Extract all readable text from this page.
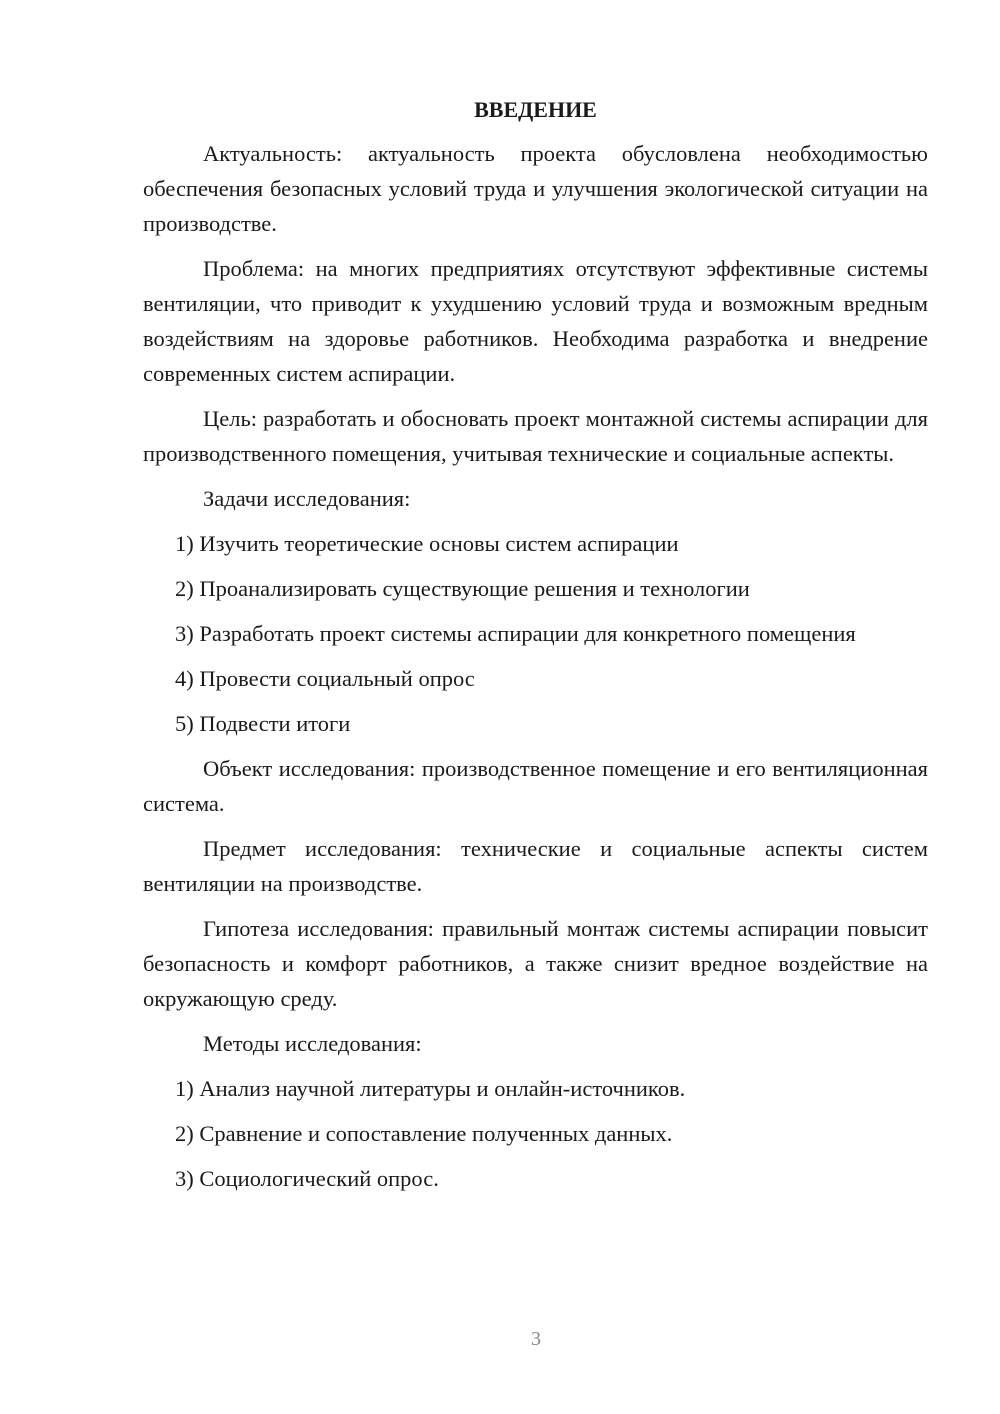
ВВЕДЕНИЕ

Актуальность: актуальность проекта обусловлена необходимостью обеспечения безопасных условий труда и улучшения экологической ситуации на производстве.

Проблема: на многих предприятиях отсутствуют эффективные системы вентиляции, что приводит к ухудшению условий труда и возможным вредным воздействиям на здоровье работников. Необходима разработка и внедрение современных систем аспирации.

Цель: разработать и обосновать проект монтажной системы аспирации для производственного помещения, учитывая технические и социальные аспекты.

Задачи исследования:

1) Изучить теоретические основы систем аспирации

2) Проанализировать существующие решения и технологии

3) Разработать проект системы аспирации для конкретного помещения

4) Провести социальный опрос

5) Подвести итоги

Объект исследования: производственное помещение и его вентиляционная система.

Предмет исследования: технические и социальные аспекты систем вентиляции на производстве.

Гипотеза исследования: правильный монтаж системы аспирации повысит безопасность и комфорт работников, а также снизит вредное воздействие на окружающую среду.

Методы исследования:

1) Анализ научной литературы и онлайн-источников.

2) Сравнение и сопоставление полученных данных.

3) Социологический опрос.

3
